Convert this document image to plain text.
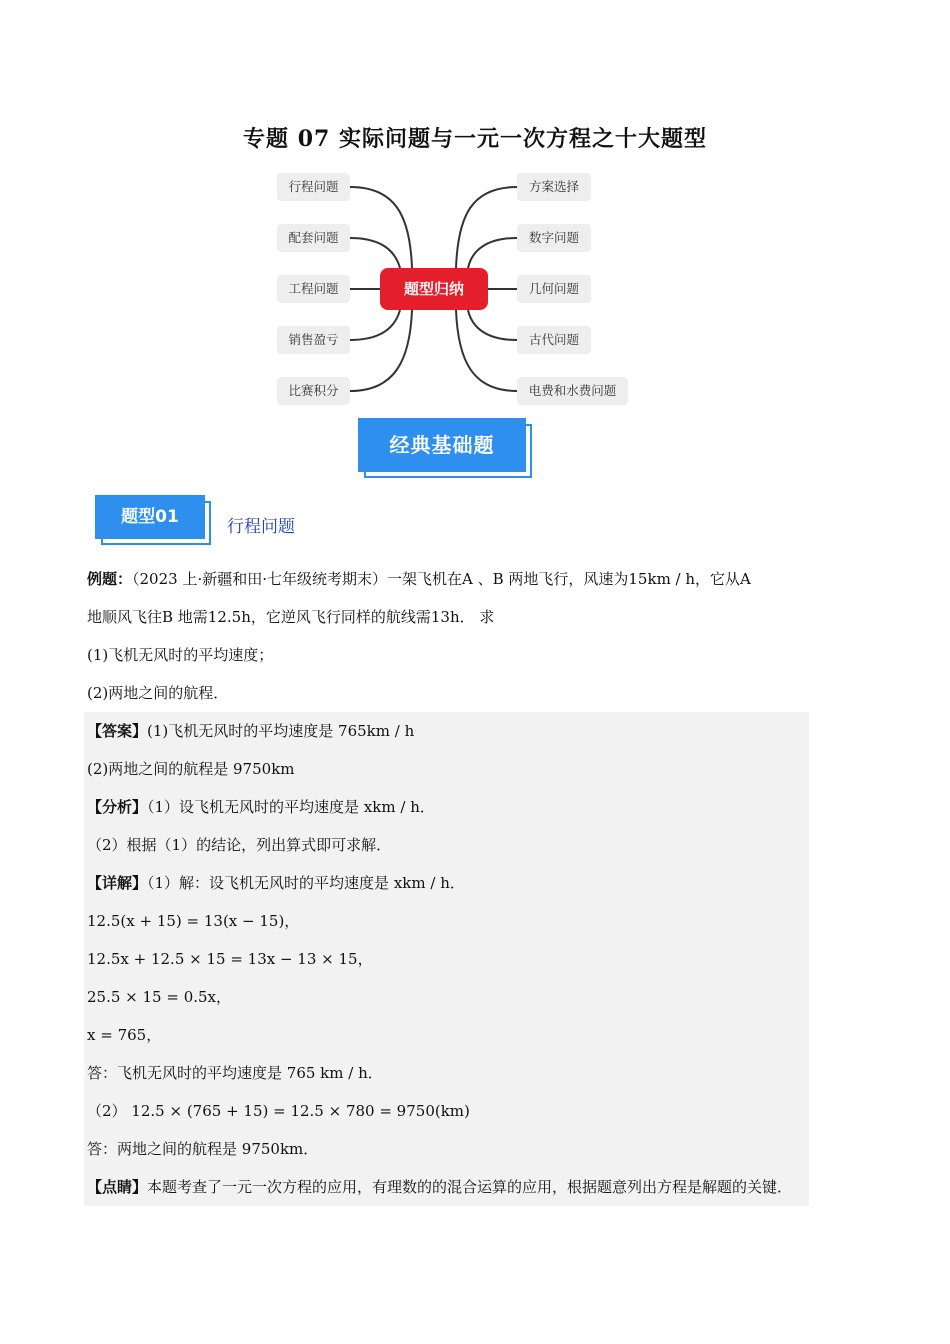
专题 07 实际问题与一元一次方程之十大题型
行程问题
配套问题
工程问题
销售盈亏
比赛积分
方案选择
数字问题
几何问题
古代问题
电费和水费问题
题型归纳
经典基础题
题型01	行程问题
例题：（2023 上·新疆和田·七年级统考期末）一架飞机在A 、B 两地飞行，风速为15km / h，它从A
地顺风飞往B 地需12.5h，它逆风飞行同样的航线需13h． 求
(1)飞机无风时的平均速度；
(2)两地之间的航程．
【答案】(1)飞机无风时的平均速度是 765km / h
(2)两地之间的航程是 9750km
【分析】（1）设飞机无风时的平均速度是 xkm / h．
（2）根据（1）的结论，列出算式即可求解．
【详解】（1）解：设飞机无风时的平均速度是 xkm / h．
12.5(x + 15) = 13(x − 15)，
12.5x + 12.5 × 15 = 13x − 13 × 15，
25.5 × 15 = 0.5x，
x = 765，
答：飞机无风时的平均速度是 765 km / h．
（2） 12.5 × (765 + 15) = 12.5 × 780 = 9750(km)
答：两地之间的航程是 9750km．
【点睛】本题考查了一元一次方程的应用，有理数的的混合运算的应用，根据题意列出方程是解题的关键．
